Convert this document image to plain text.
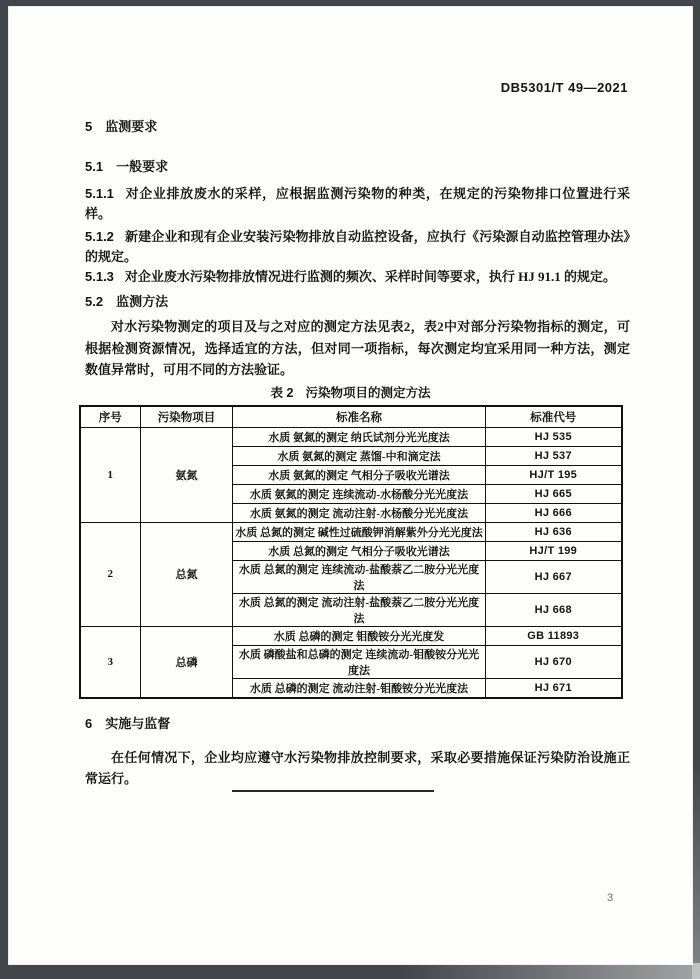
DB5301/T 49—2021
5 监测要求
5.1 一般要求
5.1.1 对企业排放废水的采样，应根据监测污染物的种类，在规定的污染物排口位置进行采样。
5.1.2 新建企业和现有企业安装污染物排放自动监控设备，应执行《污染源自动监控管理办法》的规定。
5.1.3 对企业废水污染物排放情况进行监测的频次、采样时间等要求，执行 HJ 91.1 的规定。
5.2 监测方法
对水污染物测定的项目及与之对应的测定方法见表2，表2中对部分污染物指标的测定，可根据检测资源情况，选择适宜的方法，但对同一项指标，每次测定均宜采用同一种方法，测定数值异常时，可用不同的方法验证。
表 2 污染物项目的测定方法
序号	污染物项目	标准名称	标准代号
1	氨氮	水质 氨氮的测定 纳氏试剂分光光度法	HJ 535
		水质 氨氮的测定 蒸馏-中和滴定法	HJ 537
		水质 氨氮的测定 气相分子吸收光谱法	HJ/T 195
		水质 氨氮的测定 连续流动-水杨酸分光光度法	HJ 665
		水质 氨氮的测定 流动注射-水杨酸分光光度法	HJ 666
2	总氮	水质 总氮的测定 碱性过硫酸钾消解紫外分光光度法	HJ 636
		水质 总氮的测定 气相分子吸收光谱法	HJ/T 199
		水质 总氮的测定 连续流动-盐酸萘乙二胺分光光度法	HJ 667
		水质 总氮的测定 流动注射-盐酸萘乙二胺分光光度法	HJ 668
3	总磷	水质 总磷的测定 钼酸铵分光光度发	GB 11893
		水质 磷酸盐和总磷的测定 连续流动-钼酸铵分光光度法	HJ 670
		水质 总磷的测定 流动注射-钼酸铵分光光度法	HJ 671
6 实施与监督
在任何情况下，企业均应遵守水污染物排放控制要求，采取必要措施保证污染防治设施正常运行。
3
